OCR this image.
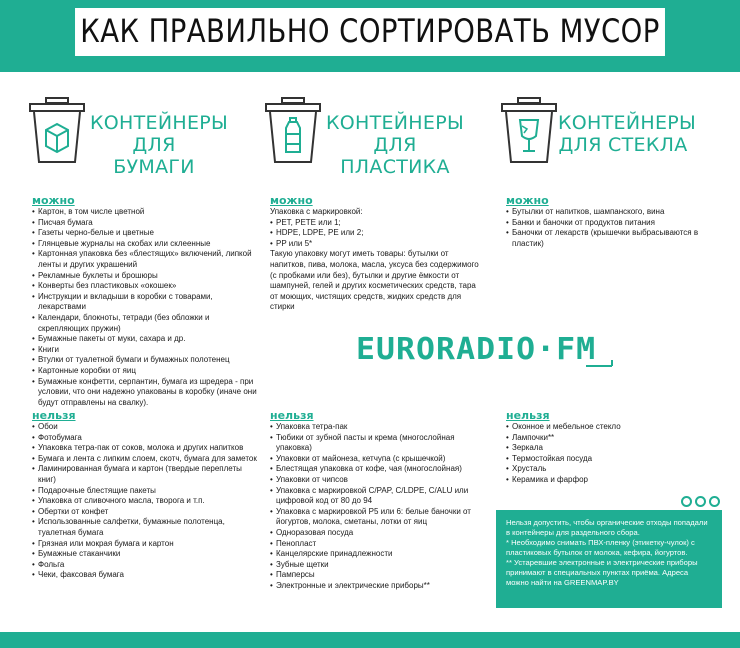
КАК ПРАВИЛЬНО СОРТИРОВАТЬ МУСОР
КОНТЕЙНЕРЫ
ДЛЯ БУМАГИ
можно
• Картон, в том числе цветной
• Писчая бумага
• Газеты черно-белые и цветные
• Глянцевые журналы на скобах или склеенные
• Картонная упаковка без «блестящих» включений, липкой ленты и других украшений
• Рекламные буклеты и брошюры
• Конверты без пластиковых «окошек»
• Инструкции и вкладыши в коробки с товарами, лекарствами
• Календари, блокноты, тетради (без обложки и скрепляющих пружин)
• Бумажные пакеты от муки, сахара и др.
• Книги
• Втулки от туалетной бумаги и бумажных полотенец
• Картонные коробки от яиц
• Бумажные конфетти, серпантин, бумага из шредера - при условии, что они надежно упакованы в коробку (иначе они будут отправлены на свалку).
нельзя
• Обои
• Фотобумага
• Упаковка тетра-пак от соков, молока и других напитков
• Бумага и лента с липким слоем, скотч, бумага для заметок
• Ламинированная бумага и картон (твердые переплеты книг)
• Подарочные блестящие пакеты
• Упаковка от сливочного масла, творога и т.п.
• Обертки от конфет
• Использованные салфетки, бумажные полотенца, туалетная бумага
• Грязная или мокрая бумага и картон
• Бумажные стаканчики
• Фольга
• Чеки, факсовая бумага
КОНТЕЙНЕРЫ
ДЛЯ ПЛАСТИКА
можно
Упаковка с маркировкой:
• PET, PETE или 1;
• HDPE, LDPE, PE или 2;
• PP или 5*
Такую упаковку могут иметь товары: бутылки от напитков, пива, молока, масла, уксуса без содержимого (с пробками или без), бутылки и другие ёмкости от шампуней, гелей и других косметических средств, тара от моющих, чистящих средств, жидких средств для стирки
нельзя
• Упаковка тетра-пак
• Тюбики от зубной пасты и крема (многослойная упаковка)
• Упаковки от майонеза, кетчупа (с крышечкой)
• Блестящая упаковка от кофе, чая (многослойная)
• Упаковки от чипсов
• Упаковка с маркировкой C/PAP, C/LDPE, C/ALU или цифровой код от 80 до 94
• Упаковка с маркировкой P5 или 6: белые баночки от йогуртов, молока, сметаны, лотки от яиц
• Одноразовая посуда
• Пенопласт
• Канцелярские принадлежности
• Зубные щетки
• Памперсы
• Электронные и электрические приборы**
КОНТЕЙНЕРЫ
ДЛЯ СТЕКЛА
можно
• Бутылки от напитков, шампанского, вина
• Банки и баночки от продуктов питания
• Баночки от лекарств (крышечки выбрасываются в пластик)
нельзя
• Оконное и мебельное стекло
• Лампочки**
• Зеркала
• Термостойкая посуда
• Хрусталь
• Керамика и фарфор
EURORADIO·FM
Нельзя допустить, чтобы органические отходы попадали в контейнеры для раздельного сбора.
* Необходимо снимать ПВХ-пленку (этикетку-чулок) с пластиковых бутылок от молока, кефира, йогуртов.
** Устаревшие электронные и электрические приборы принимают в специальных пунктах приёма. Адреса можно найти на GREENMAP.BY
